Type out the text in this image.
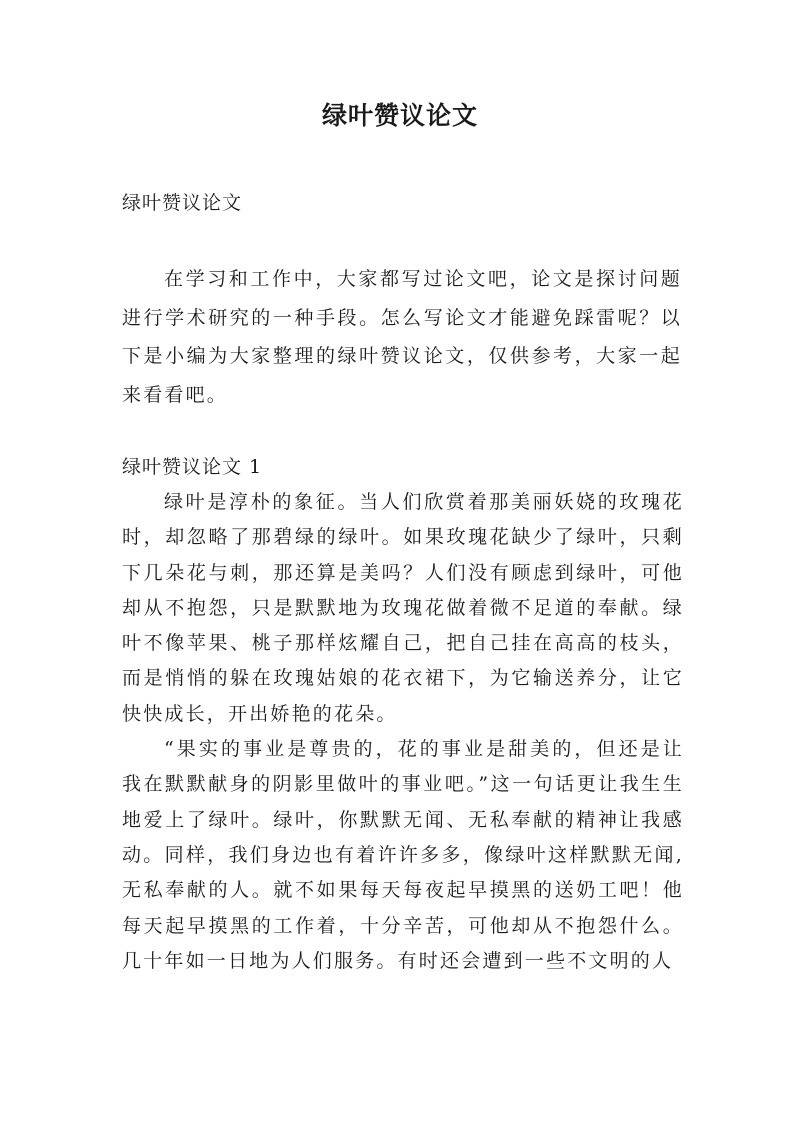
绿叶赞议论文

绿叶赞议论文

在学习和工作中，大家都写过论文吧，论文是探讨问题进行学术研究的一种手段。怎么写论文才能避免踩雷呢？以下是小编为大家整理的绿叶赞议论文，仅供参考，大家一起来看看吧。

绿叶赞议论文 1

绿叶是淳朴的象征。当人们欣赏着那美丽妖娆的玫瑰花时，却忽略了那碧绿的绿叶。如果玫瑰花缺少了绿叶，只剩下几朵花与刺，那还算是美吗？人们没有顾虑到绿叶，可他却从不抱怨，只是默默地为玫瑰花做着微不足道的奉献。绿叶不像苹果、桃子那样炫耀自己，把自己挂在高高的枝头，而是悄悄的躲在玫瑰姑娘的花衣裙下，为它输送养分，让它快快成长，开出娇艳的花朵。

“果实的事业是尊贵的，花的事业是甜美的，但还是让我在默默献身的阴影里做叶的事业吧。”这一句话更让我生生地爱上了绿叶。绿叶，你默默无闻、无私奉献的精神让我感动。同样，我们身边也有着许许多多，像绿叶这样默默无闻,无私奉献的人。就不如果每天每夜起早摸黑的送奶工吧！他每天起早摸黑的工作着，十分辛苦，可他却从不抱怨什么。几十年如一日地为人们服务。有时还会遭到一些不文明的人
